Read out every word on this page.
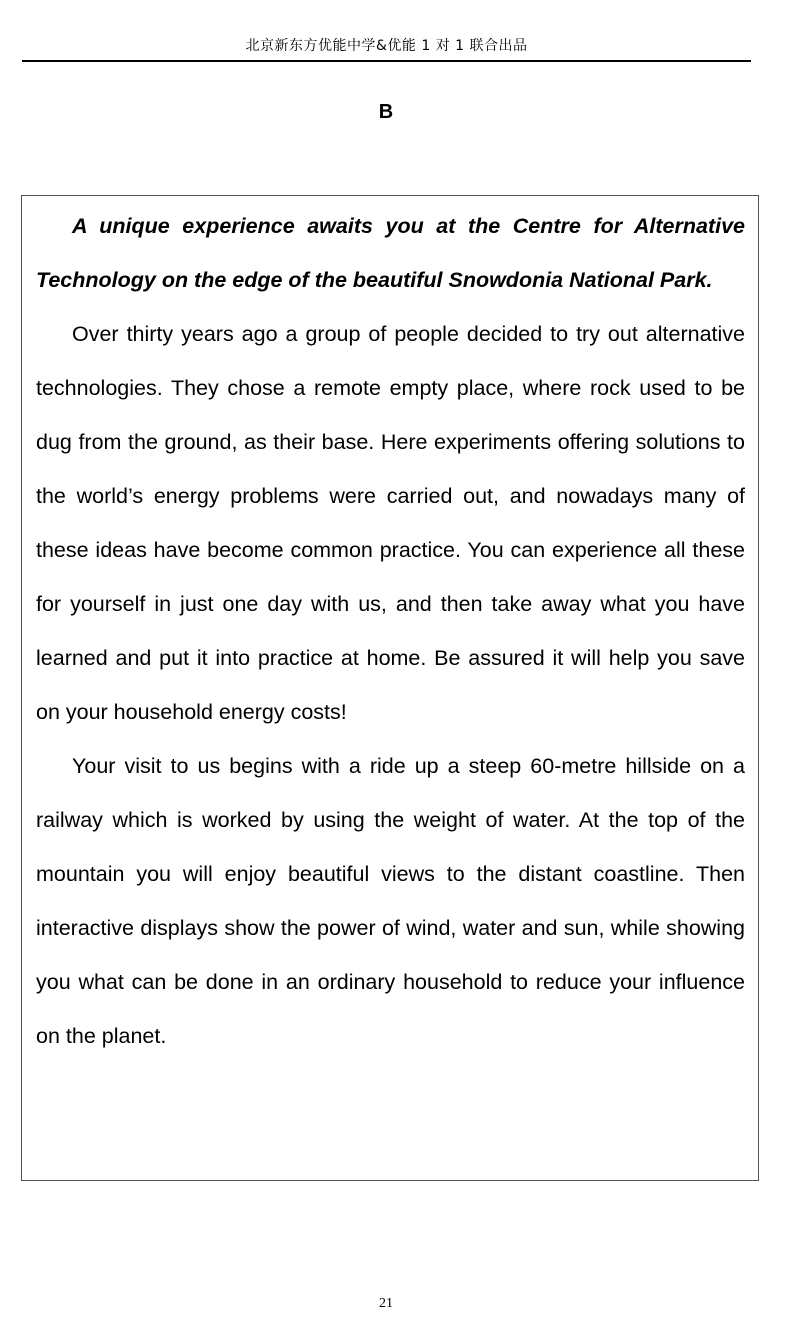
北京新东方优能中学&优能 1 对 1 联合出品
B

A unique experience awaits you at the Centre for Alternative Technology on the edge of the beautiful Snowdonia National Park.

Over thirty years ago a group of people decided to try out alternative technologies. They chose a remote empty place, where rock used to be dug from the ground, as their base. Here experiments offering solutions to the world’s energy problems were carried out, and nowadays many of these ideas have become common practice. You can experience all these for yourself in just one day with us, and then take away what you have learned and put it into practice at home. Be assured it will help you save on your household energy costs!

Your visit to us begins with a ride up a steep 60-metre hillside on a railway which is worked by using the weight of water. At the top of the mountain you will enjoy beautiful views to the distant coastline. Then interactive displays show the power of wind, water and sun, while showing you what can be done in an ordinary household to reduce your influence on the planet.

21
